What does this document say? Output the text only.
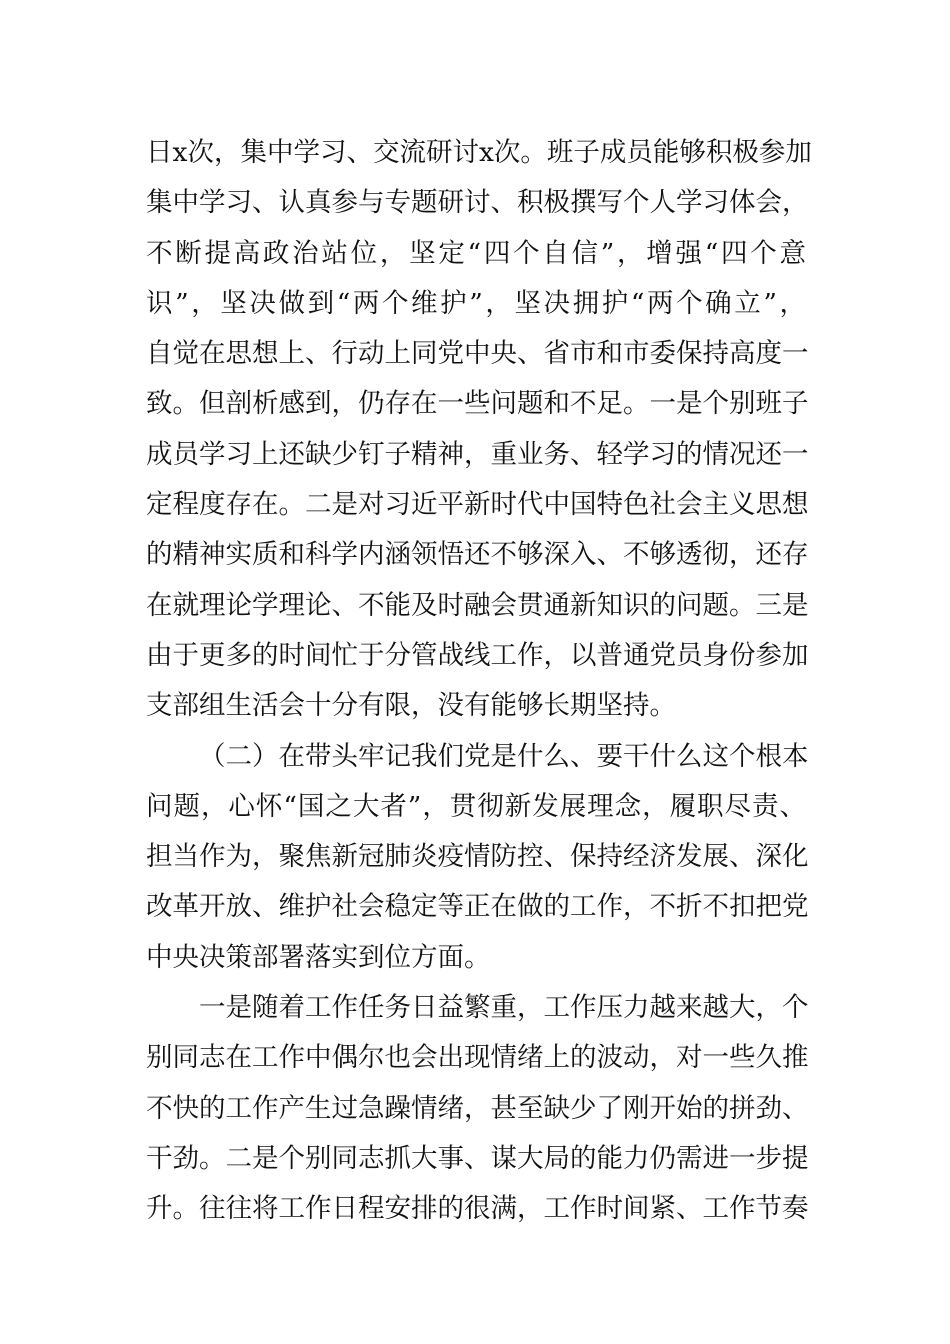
日x次，集中学习、交流研讨x次。班子成员能够积极参加
集中学习、认真参与专题研讨、积极撰写个人学习体会，
不断提高政治站位，坚定“四个自信”，增强“四个意
识”，坚决做到“两个维护”，坚决拥护“两个确立”，
自觉在思想上、行动上同党中央、省市和市委保持高度一
致。但剖析感到，仍存在一些问题和不足。一是个别班子
成员学习上还缺少钉子精神，重业务、轻学习的情况还一
定程度存在。二是对习近平新时代中国特色社会主义思想
的精神实质和科学内涵领悟还不够深入、不够透彻，还存
在就理论学理论、不能及时融会贯通新知识的问题。三是
由于更多的时间忙于分管战线工作，以普通党员身份参加
支部组生活会十分有限，没有能够长期坚持。
（二）在带头牢记我们党是什么、要干什么这个根本
问题，心怀“国之大者”，贯彻新发展理念，履职尽责、
担当作为，聚焦新冠肺炎疫情防控、保持经济发展、深化
改革开放、维护社会稳定等正在做的工作，不折不扣把党
中央决策部署落实到位方面。
一是随着工作任务日益繁重，工作压力越来越大，个
别同志在工作中偶尔也会出现情绪上的波动，对一些久推
不快的工作产生过急躁情绪，甚至缺少了刚开始的拼劲、
干劲。二是个别同志抓大事、谋大局的能力仍需进一步提
升。往往将工作日程安排的很满，工作时间紧、工作节奏
